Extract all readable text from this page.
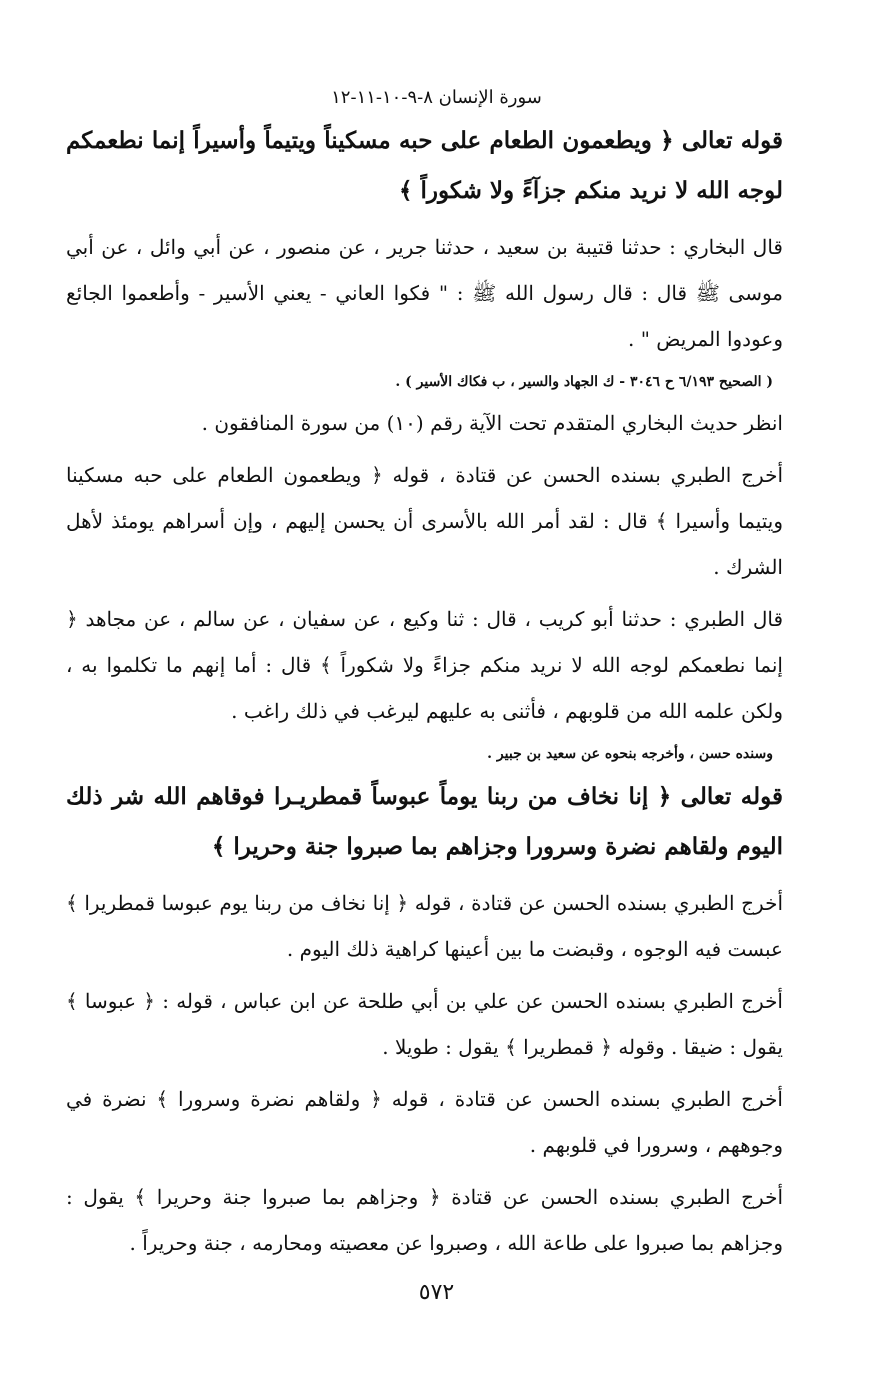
سورة الإنسان ٨-٩-١٠-١١-١٢

قوله تعالى ﴿ ويطعمون الطعام على حبه مسكيناً ويتيماً وأسيراً إنما نطعمكم لوجه الله لا نريد منكم جزآءً ولا شكوراً ﴾

قال البخاري : حدثنا قتيبة بن سعيد ، حدثنا جرير ، عن منصور ، عن أبي وائل ، عن أبي موسى ﷺ قال : قال رسول الله ﷺ : " فكوا العاني - يعني الأسير - وأطعموا الجائع وعودوا المريض " .

( الصحيح ٦/١٩٣ ح ٣٠٤٦ - ك الجهاد والسير ، ب فكاك الأسير ) .

انظر حديث البخاري المتقدم تحت الآية رقم (١٠) من سورة المنافقون .

أخرج الطبري بسنده الحسن عن قتادة ، قوله ﴿ ويطعمون الطعام على حبه مسكينا ويتيما وأسيرا ﴾ قال : لقد أمر الله بالأسرى أن يحسن إليهم ، وإن أسراهم يومئذ لأهل الشرك .

قال الطبري : حدثنا أبو كريب ، قال : ثنا وكيع ، عن سفيان ، عن سالم ، عن مجاهد ﴿ إنما نطعمكم لوجه الله لا نريد منكم جزاءً ولا شكوراً ﴾ قال : أما إنهم ما تكلموا به ، ولكن علمه الله من قلوبهم ، فأثنى به عليهم ليرغب في ذلك راغب .

وسنده حسن ، وأخرجه بنحوه عن سعيد بن جبير .

قوله تعالى ﴿ إنا نخاف من ربنا يوماً عبوساً قمطريـرا فوقاهم الله شر ذلك اليوم ولقاهم نضرة وسرورا وجزاهم بما صبروا جنة وحريرا ﴾

أخرج الطبري بسنده الحسن عن قتادة ، قوله ﴿ إنا نخاف من ربنا يوم عبوسا قمطريرا ﴾ عبست فيه الوجوه ، وقبضت ما بين أعينها كراهية ذلك اليوم .

أخرج الطبري بسنده الحسن عن علي بن أبي طلحة عن ابن عباس ، قوله : ﴿ عبوسا ﴾ يقول : ضيقا . وقوله ﴿ قمطريرا ﴾ يقول : طويلا .

أخرج الطبري بسنده الحسن عن قتادة ، قوله ﴿ ولقاهم نضرة وسرورا ﴾ نضرة في وجوههم ، وسرورا في قلوبهم .

أخرج الطبري بسنده الحسن عن قتادة ﴿ وجزاهم بما صبروا جنة وحريرا ﴾ يقول : وجزاهم بما صبروا على طاعة الله ، وصبروا عن معصيته ومحارمه ، جنة وحريراً .

٥٧٢
